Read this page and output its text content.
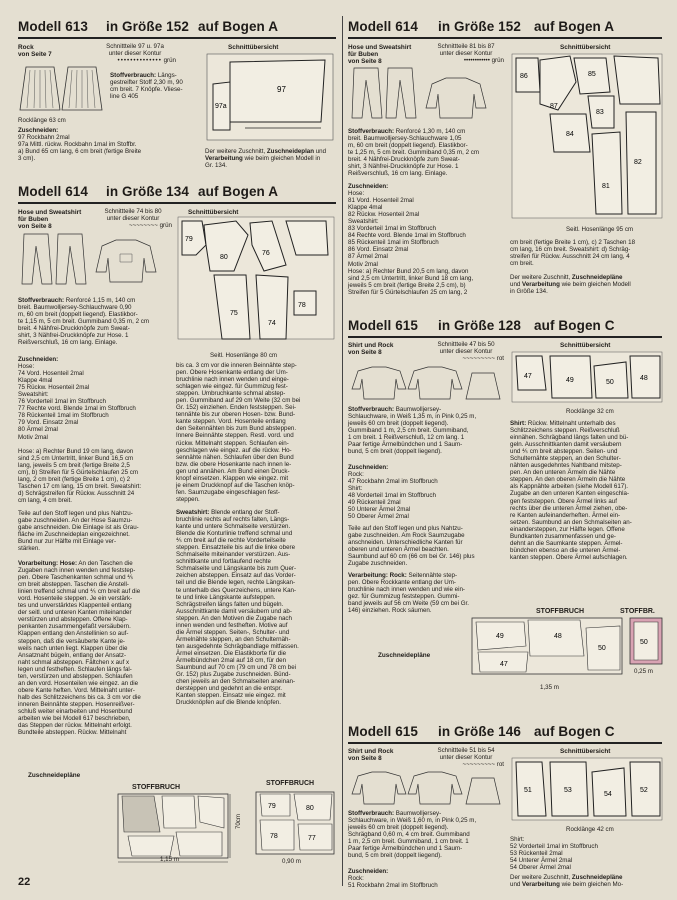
Modell 613 in Größe 152 auf Bogen A
Rock
von Seite 7
Schnittteile 97 u. 97a
unter dieser Kontur
•••••••••••••• grün
Stoffverbrauch: Längs-
gestreifter Stoff 2,30 m, 90
cm breit. 7 Knöpfe. Vliese-
line G 405
Rocklänge 63 cm
Zuschneiden:
97 Rockbahn 2mal
97a Mittl. rückw. Rockbahn 1mal im Stoffbr.
a) Bund 65 cm lang, 6 cm breit (fertige Breite
3 cm).
Schnittübersicht
97
97a
Der weitere Zuschnitt, Zuschneideplan und
Verarbeitung wie beim gleichen Modell in
Gr. 134.
Modell 614 in Größe 134 auf Bogen A
Hose und Sweatshirt
für Buben
von Seite 8
Schnittteile 74 bis 80
unter dieser Kontur
~~~~~~~~ grün
Schnittübersicht
79
80
76
75
74
78
Seitl. Hosenlänge 80 cm
Stoffverbrauch: Renforcé 1,15 m, 140 cm
breit. Baumwolljersey-Schlauchware 0,90
m, 60 cm breit (doppelt liegend). Elastikbor-
te 1,15 m, 5 cm breit. Gummiband 0,35 m, 2 cm
breit. 4 Nähfrei-Druckknöpfe zum Sweat-
shirt, 3 Nähfrei-Druckknöpfe zur Hose. 1
Reißverschluß, 16 cm lang. Einlage.
Zuschneiden:
Hose:
74 Vord. Hosenteil 2mal
Klappe 4mal
75 Rückw. Hosenteil 2mal
Sweatshirt:
76 Vorderteil 1mal im Stoffbruch
77 Rechte vord. Blende 1mal im Stoffbruch
78 Rückenteil 1mal im Stoffbruch
79 Vord. Einsatz 2mal
80 Ärmel 2mal
Motiv 2mal
Hose: a) Rechter Bund 19 cm lang, davon
sind 2,5 cm Untertritt, linker Bund 16,5 cm
lang, jeweils 5 cm breit (fertige Breite 2,5
cm), b) Streifen für 5 Gürtelschlaufen 25 cm
lang, 2 cm breit (fertige Breite 1 cm), c) 2
Taschen 17 cm lang, 15 cm breit. Sweatshirt:
d) Schrägstreifen für Rückw. Ausschnitt 24
cm lang, 4 cm breit.
Teile auf den Stoff legen und plus Nahtzu-
gabe zuschneiden. An der Hose Saumzu-
gabe anschneiden. Die Einlage ist als Grau-
fläche im Zuschneideplan eingezeichnet.
Bund nur zur Hälfte mit Einlage ver-
stärken.
Vorarbeitung: Hose: An den Taschen die
Zugaben nach innen wenden und feststep-
pen. Obere Taschenkanten schmal und ⅘
cm breit absteppen. Taschen die Anstell-
linien treffend schmal und ⅘ cm breit auf die
vord. Hosenteile steppen. Je ein verstärk-
tes und unverstärktes Klappenteil entlang
der seitl. und unteren Kanten miteinander
verstürzen und absteppen. Offene Klap-
penkanten zusammengefaßt versäubern.
Klappen entlang den Anstellinien so auf-
steppen, daß die versäuberte Kante je-
weils nach unten liegt. Klappen über die
Ansatznaht bügeln, entlang der Ansatz-
naht schmal absteppen. Fältchen x auf x
legen und festheften. Schlaufen längs fal-
ten, verstürzen und absteppen. Schlaufen
an den vord. Hosenteilen wie eingez. an die
obere Kante heften. Vord. Mittelnaht unter-
halb des Schlitzzeichens bis ca. 3 cm vor die
inneren Beinnähte steppen. Hosenreißver-
schluß weiter einarbeiten und Hosenbund
arbeiten wie bei Modell 617 beschrieben,
das Steppen der rückw. Mittelnaht erfolgt.
Bundteile absteppen. Rückw. Mittelnaht
bis ca. 3 cm vor die inneren Beinnähte step-
pen. Obere Hosenkante entlang der Um-
bruchlinie nach innen wenden und einge-
schlagen wie eingez. für Gummizug fest-
steppen. Umbruchkante schmal abstep-
pen. Gummiband auf 29 cm Weite (32 cm bei
Gr. 152) einziehen. Enden feststeppen. Sei-
tennähte bis zur oberen Hosen- bzw. Bund-
kante steppen. Vord. Hosenteile entlang
den Seitennähten bis zum Bund absteppen.
Innere Beinnähte steppen. Restl. vord. und
rückw. Mittelnaht steppen. Schlaufen ein-
geschlagen wie eingez. auf die rückw. Ho-
sennähte nähen. Schlaufen über den Bund
bzw. die obere Hosenkante nach innen le-
gen und annähen. Am Bund einen Druck-
knopf einsetzen. Klappen wie eingez. mit
je einem Druckknopf auf die Taschen knöp-
fen. Saumzugabe eingeschlagen fest-
steppen.
Sweatshirt: Blende entlang der Stoff-
bruchlinie rechts auf rechts falten, Längs-
kante und untere Schmalseite verstürzen.
Blende die Konturlinie treffend schmal und
⅘ cm breit auf die rechte Vorderteilseite
steppen. Einsatzteile bis auf die linke obere
Schmalseite miteinander verstürzen. Aus-
schnittkante und fortlaufend rechte
Schmalseite und Längskante bis zum Quer-
zeichen absteppen. Einsatz auf das Vorder-
teil und die Blende legen, rechte Längskan-
te unterhalb des Querzeichens, untere Kan-
te und linke Längskante aufsteppen.
Schrägstreifen längs falten und bügeln.
Ausschnittkante damit versäubern und ab-
steppen. An den Motiven die Zugabe nach
innen wenden und festheften. Motive auf
die Ärmel steppen. Seiten-, Schulter- und
Ärmelnähte steppen, an den Schulternäh-
ten ausgedehnte Schrägbandlage mitfassen.
Ärmel einsetzen. Die Elastikborte für die
Ärmelbündchen 2mal auf 18 cm, für den
Saumbund auf 70 cm (79 cm und 78 cm bei
Gr. 152) plus Zugabe zuschneiden. Bünd-
chen jeweils an den Schmalseiten aneinan-
dersteppen und gedehnt an die entspr.
Kanten steppen. Einsatz wie eingez. mit
Druckknöpfen auf die Blende knöpfen.
Zuschneidepläne
STOFFBRUCH
1,15 m
70cm
STOFFBRUCH
79	80
78	77
0,90 m
22
Modell 614 in Größe 152 auf Bogen A
Hose und Sweatshirt
für Buben
von Seite 8
Schnittteile 81 bis 87
unter dieser Kontur
•••••••••••• grün
Stoffverbrauch: Renforcé 1,30 m, 140 cm
breit. Baumwolljersey-Schlauchware 1,05
m, 60 cm breit (doppelt liegend). Elastikbor-
te 1,25 m, 5 cm breit. Gummiband 0,35 m, 2 cm
breit. 4 Nähfrei-Druckknöpfe zum Sweat-
shirt, 3 Nähfrei-Druckknöpfe zur Hose. 1
Reißverschluß, 16 cm lang. Einlage.
Zuschneiden:
Hose:
81 Vord. Hosenteil 2mal
Klappe 4mal
82 Rückw. Hosenteil 2mal
Sweatshirt:
83 Vorderteil 1mal im Stoffbruch
84 Rechte vord. Blende 1mal im Stoffbruch
85 Rückenteil 1mal im Stoffbruch
86 Vord. Einsatz 2mal
87 Ärmel 2mal
Motiv 2mal
Hose: a) Rechter Bund 20,5 cm lang, davon
sind 2,5 cm Untertritt, linker Bund 18 cm lang,
jeweils 5 cm breit (fertige Breite 2,5 cm), b)
Streifen für 5 Gürtelschlaufen 25 cm lang, 2
Schnittübersicht
86
87
85
83
84
82
81
Seitl. Hosenlänge 95 cm
cm breit (fertige Breite 1 cm), c) 2 Taschen 18
cm lang, 16 cm breit. Sweatshirt: d) Schräg-
streifen für Rückw. Ausschnitt 24 cm lang, 4
cm breit.
Der weitere Zuschnitt, Zuschneidepläne
und Verarbeitung wie beim gleichen Modell
in Größe 134.
Modell 615 in Größe 128 auf Bogen C
Shirt und Rock
von Seite 8
Schnittteile 47 bis 50
unter dieser Kontur
~~~~~~~~~ rot
Stoffverbrauch: Baumwolljersey-
Schlauchware, in Weiß 1,35 m, in Pink 0,25 m,
jeweils 60 cm breit (doppelt liegend).
Gummiband 1 m, 2,5 cm breit. Gummiband,
1 cm breit. 1 Reißverschluß, 12 cm lang. 1
Paar fertige Ärmelbündchen und 1 Saum-
bund, 5 cm breit (doppelt liegend).
Zuschneiden:
Rock:
47 Rockbahn 2mal im Stoffbruch
Shirt:
48 Vorderteil 1mal im Stoffbruch
49 Rückenteil 2mal
50 Unterer Ärmel 2mal
50 Oberer Ärmel 2mal
Teile auf den Stoff legen und plus Nahtzu-
gabe zuschneiden. Am Rock Saumzugabe
anschneiden. Unterschiedliche Kanten für
oberen und unteren Ärmel beachten.
Saumbund auf 60 cm (66 cm bei Gr. 146) plus
Zugabe zuschneiden.
Verarbeitung: Rock: Seitennähte step-
pen. Obere Rockkante entlang der Um-
bruchlinie nach innen wenden und wie ein-
gez. für Gummizug feststeppen. Gummi-
band jeweils auf 56 cm Weite (59 cm bei Gr.
146) einziehen. Rock säumen.
Schnittübersicht
47
49	50
48
Rocklänge 32 cm
Shirt: Rückw. Mittelnaht unterhalb des
Schlitzzeichens steppen. Reißverschluß
einnähen. Schrägband längs falten und bü-
geln. Ausschnittkanten damit versäubern
und ⅘ cm breit absteppen. Seiten- und
Schulternähte steppen, an den Schulter-
nähten ausgedehntes Nahtband mitstep-
pen. An den unteren Ärmeln die Nähte
steppen. An den oberen Ärmeln die Nähte
als Kappnähte arbeiten (siehe Modell 617).
Zugabe an den unteren Kanten eingeschla-
gen feststeppen. Obere Ärmel links auf
rechts über die unteren Ärmel ziehen, obe-
re Kanten aufeinanderheften. Ärmel ein-
setzen. Saumbund an den Schmalseiten an-
einandersteppen, zur Hälfte legen. Offene
Bundkanten zusammenfassen und ge-
dehnt an die Saumkante steppen. Ärmel-
bündchen ebenso an die unteren Ärmel-
kanten steppen. Obere Ärmel aufschlagen.
STOFFBRUCH	STOFFBR.
49	48
47
50
50
Zuschneidepläne
1,35 m
0,25 m
Modell 615 in Größe 146 auf Bogen C
Shirt und Rock
von Seite 8
Schnittteile 51 bis 54
unter dieser Kontur
~~~~~~~~~ rot
Stoffverbrauch: Baumwolljersey-
Schlauchware, in Weiß 1,60 m, in Pink 0,25 m,
jeweils 60 cm breit (doppelt liegend).
Schrägband 0,60 m, 4 cm breit. Gummiband
1 m, 2,5 cm breit. Gummiband, 1 cm breit. 1
Paar fertige Ärmelbündchen und 1 Saum-
bund, 5 cm breit (doppelt liegend).
Zuschneiden:
Rock:
51 Rockbahn 2mal im Stoffbruch
Schnittübersicht
51	53
54
52
Rocklänge 42 cm
Shirt:
52 Vorderteil 1mal im Stoffbruch
53 Rückenteil 2mal
54 Unterer Ärmel 2mal
54 Oberer Ärmel 2mal
Der weitere Zuschnitt, Zuschneidepläne
und Verarbeitung wie beim gleichen Mo-
